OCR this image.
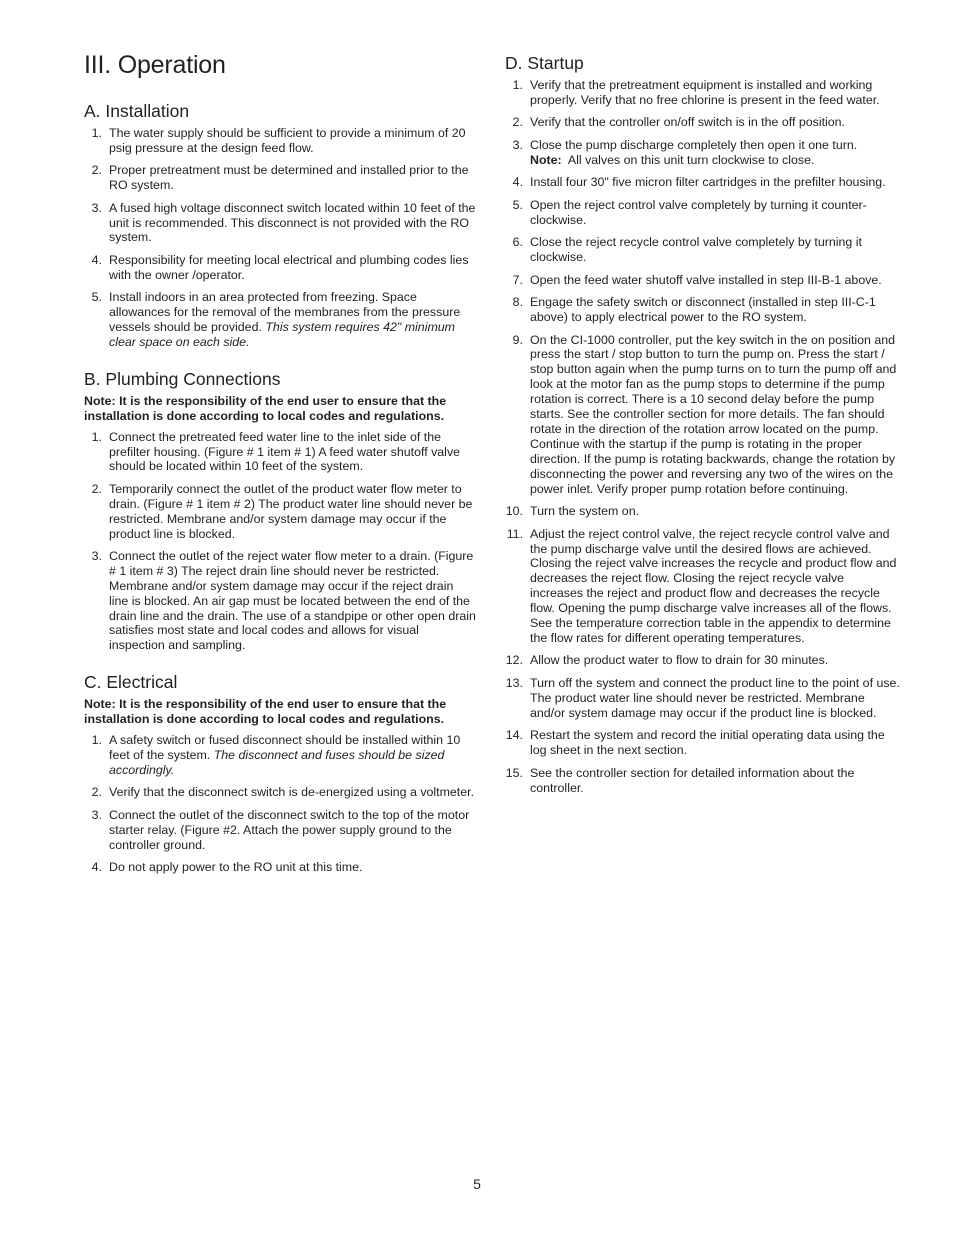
III. Operation
A. Installation
1. The water supply should be sufficient to provide a minimum of 20 psig pressure at the design feed flow.
2. Proper pretreatment must be determined and installed prior to the RO system.
3. A fused high voltage disconnect switch located within 10 feet of the unit is recommended. This disconnect is not provided with the RO system.
4. Responsibility for meeting local electrical and plumbing codes lies with the owner /operator.
5. Install indoors in an area protected from freezing. Space allowances for the removal of the membranes from the pressure vessels should be provided. This system requires 42" minimum clear space on each side.
B. Plumbing Connections

Note: It is the responsibility of the end user to ensure that the installation is done according to local codes and regulations.

1. Connect the pretreated feed water line to the inlet side of the prefilter housing. (Figure # 1 item # 1) A feed water shutoff valve should be located within 10 feet of the system.
2. Temporarily connect the outlet of the product water flow meter to drain. (Figure # 1 item # 2) The product water line should never be restricted. Membrane and/or system damage may occur if the product line is blocked.
3. Connect the outlet of the reject water flow meter to a drain. (Figure # 1 item # 3) The reject drain line should never be restricted. Membrane and/or system damage may occur if the reject drain line is blocked. An air gap must be located between the end of the drain line and the drain. The use of a standpipe or other open drain satisfies most state and local codes and allows for visual inspection and sampling.
C. Electrical

Note: It is the responsibility of the end user to ensure that the installation is done according to local codes and regulations.

1. A safety switch or fused disconnect should be installed within 10 feet of the system. The disconnect and fuses should be sized accordingly.
2. Verify that the disconnect switch is de-energized using a voltmeter.
3. Connect the outlet of the disconnect switch to the top of the motor starter relay. (Figure #2. Attach the power supply ground to the controller ground.
4. Do not apply power to the RO unit at this time.
D. Startup
1. Verify that the pretreatment equipment is installed and working properly. Verify that no free chlorine is present in the feed water.
2. Verify that the controller on/off switch is in the off position.
3. Close the pump discharge completely then open it one turn.
Note: All valves on this unit turn clockwise to close.
4. Install four 30" five micron filter cartridges in the prefilter housing.
5. Open the reject control valve completely by turning it counter-clockwise.
6. Close the reject recycle control valve completely by turning it clockwise.
7. Open the feed water shutoff valve installed in step III-B-1 above.
8. Engage the safety switch or disconnect (installed in step III-C-1 above) to apply electrical power to the RO system.
9. On the CI-1000 controller, put the key switch in the on position and press the start / stop button to turn the pump on. Press the start / stop button again when the pump turns on to turn the pump off and look at the motor fan as the pump stops to determine if the pump rotation is correct. There is a 10 second delay before the pump starts. See the controller section for more details. The fan should rotate in the direction of the rotation arrow located on the pump. Continue with the startup if the pump is rotating in the proper direction. If the pump is rotating backwards, change the rotation by disconnecting the power and reversing any two of the wires on the power inlet. Verify proper pump rotation before continuing.
10. Turn the system on.
11. Adjust the reject control valve, the reject recycle control valve and the pump discharge valve until the desired flows are achieved. Closing the reject valve increases the recycle and product flow and decreases the reject flow. Closing the reject recycle valve increases the reject and product flow and decreases the recycle flow. Opening the pump discharge valve increases all of the flows. See the temperature correction table in the appendix to determine the flow rates for different operating temperatures.
12. Allow the product water to flow to drain for 30 minutes.
13. Turn off the system and connect the product line to the point of use. The product water line should never be restricted. Membrane and/or system damage may occur if the product line is blocked.
14. Restart the system and record the initial operating data using the log sheet in the next section.
15. See the controller section for detailed information about the controller.
5
